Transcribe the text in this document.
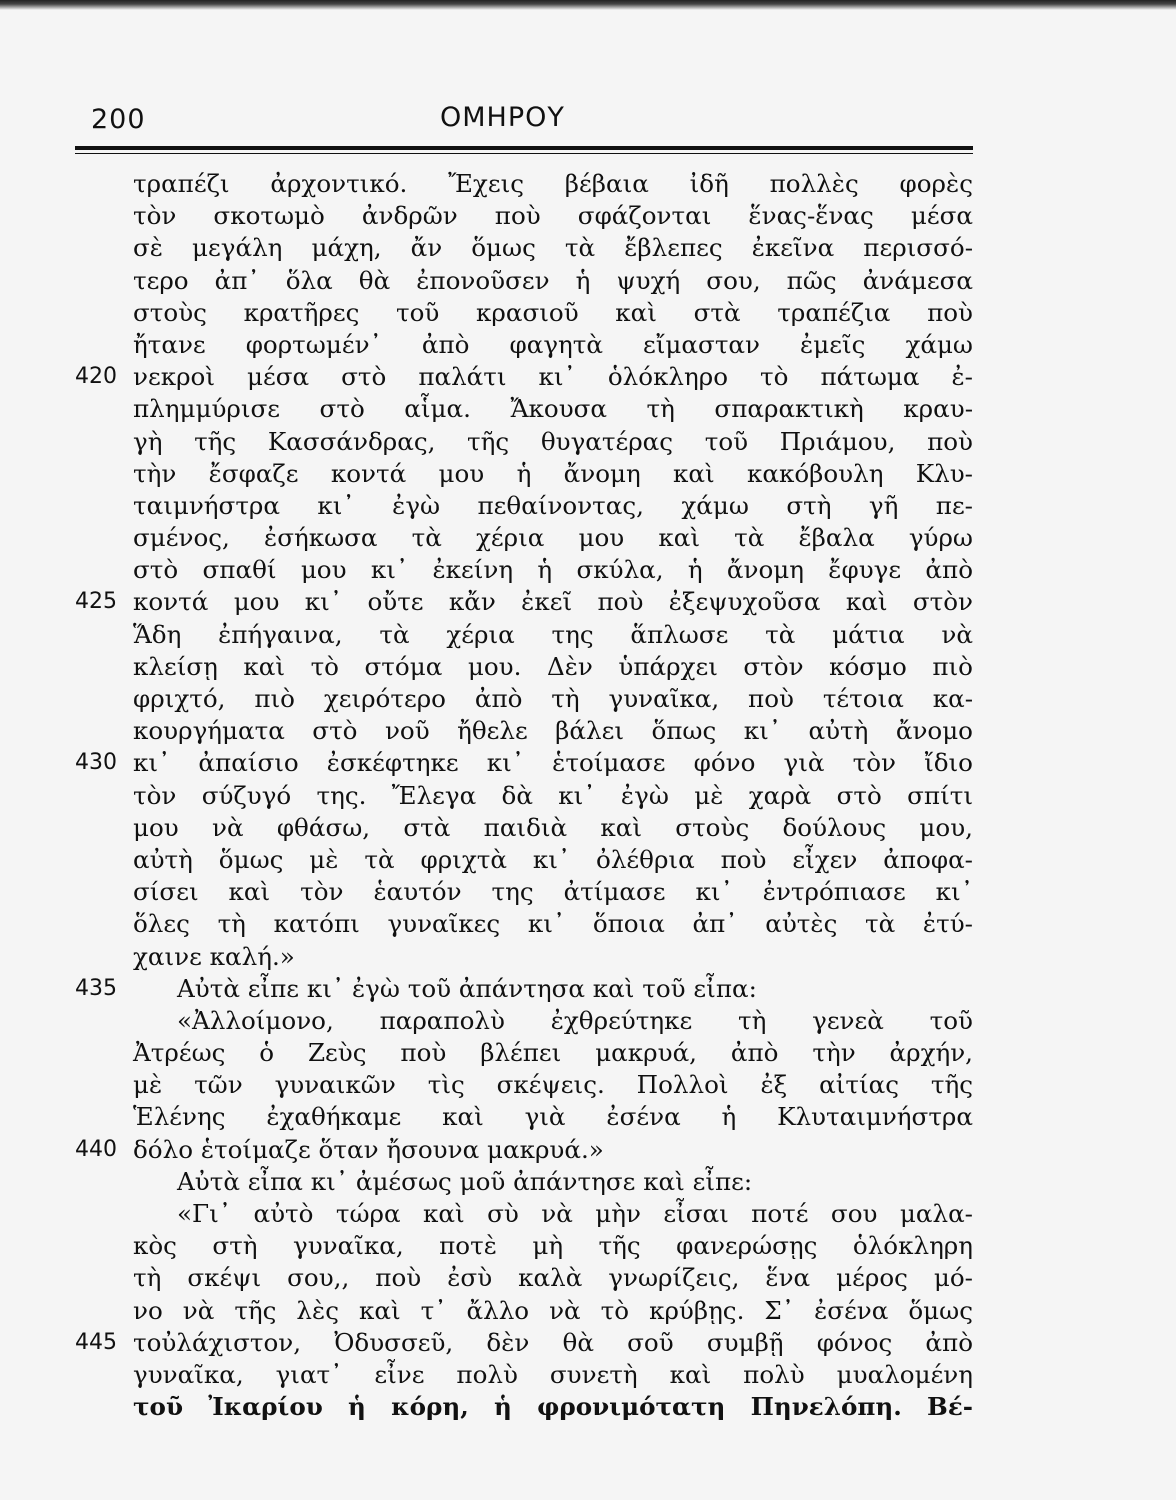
200	ΟΜΗΡΟΥ
τραπέζι ἀρχοντικό. Ἔχεις βέβαια ἰδῆ πολλὲς φορὲς
τὸν σκοτωμὸ ἀνδρῶν ποὺ σφάζονται ἕνας-ἕνας μέσα
σὲ μεγάλη μάχη, ἄν ὅμως τὰ ἔβλεπες ἐκεῖνα περισσό-
τερο ἀπ᾽ ὅλα θὰ ἐπονοῦσεν ἡ ψυχή σου, πῶς ἀνάμεσα
στοὺς κρατῆρες τοῦ κρασιοῦ καὶ στὰ τραπέζια ποὺ
ἤτανε φορτωμέν᾽ ἀπὸ φαγητὰ εἴμασταν ἐμεῖς χάμω
420 νεκροὶ μέσα στὸ παλάτι κι᾽ ὁλόκληρο τὸ πάτωμα ἐ-
πλημμύρισε στὸ αἷμα. Ἄκουσα τὴ σπαρακτικὴ κραυ-
γὴ τῆς Κασσάνδρας, τῆς θυγατέρας τοῦ Πριάμου, ποὺ
τὴν ἔσφαζε κοντά μου ἡ ἄνομη καὶ κακόβουλη Κλυ-
ταιμνήστρα κι᾽ ἐγὼ πεθαίνοντας, χάμω στὴ γῆ πε-
σμένος, ἐσήκωσα τὰ χέρια μου καὶ τὰ ἔβαλα γύρω
στὸ σπαθί μου κι᾽ ἐκείνη ἡ σκύλα, ἡ ἄνομη ἔφυγε ἀπὸ
425 κοντά μου κι᾽ οὔτε κἄν ἐκεῖ ποὺ ἐξεψυχοῦσα καὶ στὸν
Ἅδη ἐπήγαινα, τὰ χέρια της ἅπλωσε τὰ μάτια νὰ
κλείσῃ καὶ τὸ στόμα μου. Δὲν ὑπάρχει στὸν κόσμο πιὸ
φριχτό, πιὸ χειρότερο ἀπὸ τὴ γυναῖκα, ποὺ τέτοια κα-
κουργήματα στὸ νοῦ ἤθελε βάλει ὅπως κι᾽ αὐτὴ ἄνομο
430 κι᾽ ἀπαίσιο ἐσκέφτηκε κι᾽ ἑτοίμασε φόνο γιὰ τὸν ἴδιο
τὸν σύζυγό της. Ἔλεγα δὰ κι᾽ ἐγὼ μὲ χαρὰ στὸ σπίτι
μου νὰ φθάσω, στὰ παιδιὰ καὶ στοὺς δούλους μου,
αὐτὴ ὅμως μὲ τὰ φριχτὰ κι᾽ ὀλέθρια ποὺ εἶχεν ἀποφα-
σίσει καὶ τὸν ἑαυτόν της ἀτίμασε κι᾽ ἐντρόπιασε κι᾽
ὅλες τὴ κατόπι γυναῖκες κι᾽ ὅποια ἀπ᾽ αὐτὲς τὰ ἐτύ-
χαινε καλή.»
435	Αὐτὰ εἶπε κι᾽ ἐγὼ τοῦ ἀπάντησα καὶ τοῦ εἶπα:
«Ἀλλοίμονο, παραπολὺ ἐχθρεύτηκε τὴ γενεὰ τοῦ
Ἀτρέως ὁ Ζεὺς ποὺ βλέπει μακρυά, ἀπὸ τὴν ἀρχήν,
μὲ τῶν γυναικῶν τὶς σκέψεις. Πολλοὶ ἐξ αἰτίας τῆς
Ἑλένης ἐχαθήκαμε καὶ γιὰ ἐσένα ἡ Κλυταιμνήστρα
440 δόλο ἑτοίμαζε ὅταν ἤσουνα μακρυά.»
Αὐτὰ εἶπα κι᾽ ἀμέσως μοῦ ἀπάντησε καὶ εἶπε:
«Γι᾽ αὐτὸ τώρα καὶ σὺ νὰ μὴν εἶσαι ποτέ σου μαλα-
κὸς στὴ γυναῖκα, ποτὲ μὴ τῆς φανερώσῃς ὁλόκληρη
τὴ σκέψι σου,, ποὺ ἐσὺ καλὰ γνωρίζεις, ἕνα μέρος μό-
νο νὰ τῆς λὲς καὶ τ᾽ ἄλλο νὰ τὸ κρύβῃς. Σ᾽ ἐσένα ὅμως
445 τοὐλάχιστον, Ὀδυσσεῦ, δὲν θὰ σοῦ συμβῇ φόνος ἀπὸ
γυναῖκα, γιατ᾽ εἶνε πολὺ συνετὴ καὶ πολὺ μυαλομένη
τοῦ Ἰκαρίου ἡ κόρη, ἡ φρονιμότατη Πηνελόπη. Βέ-
